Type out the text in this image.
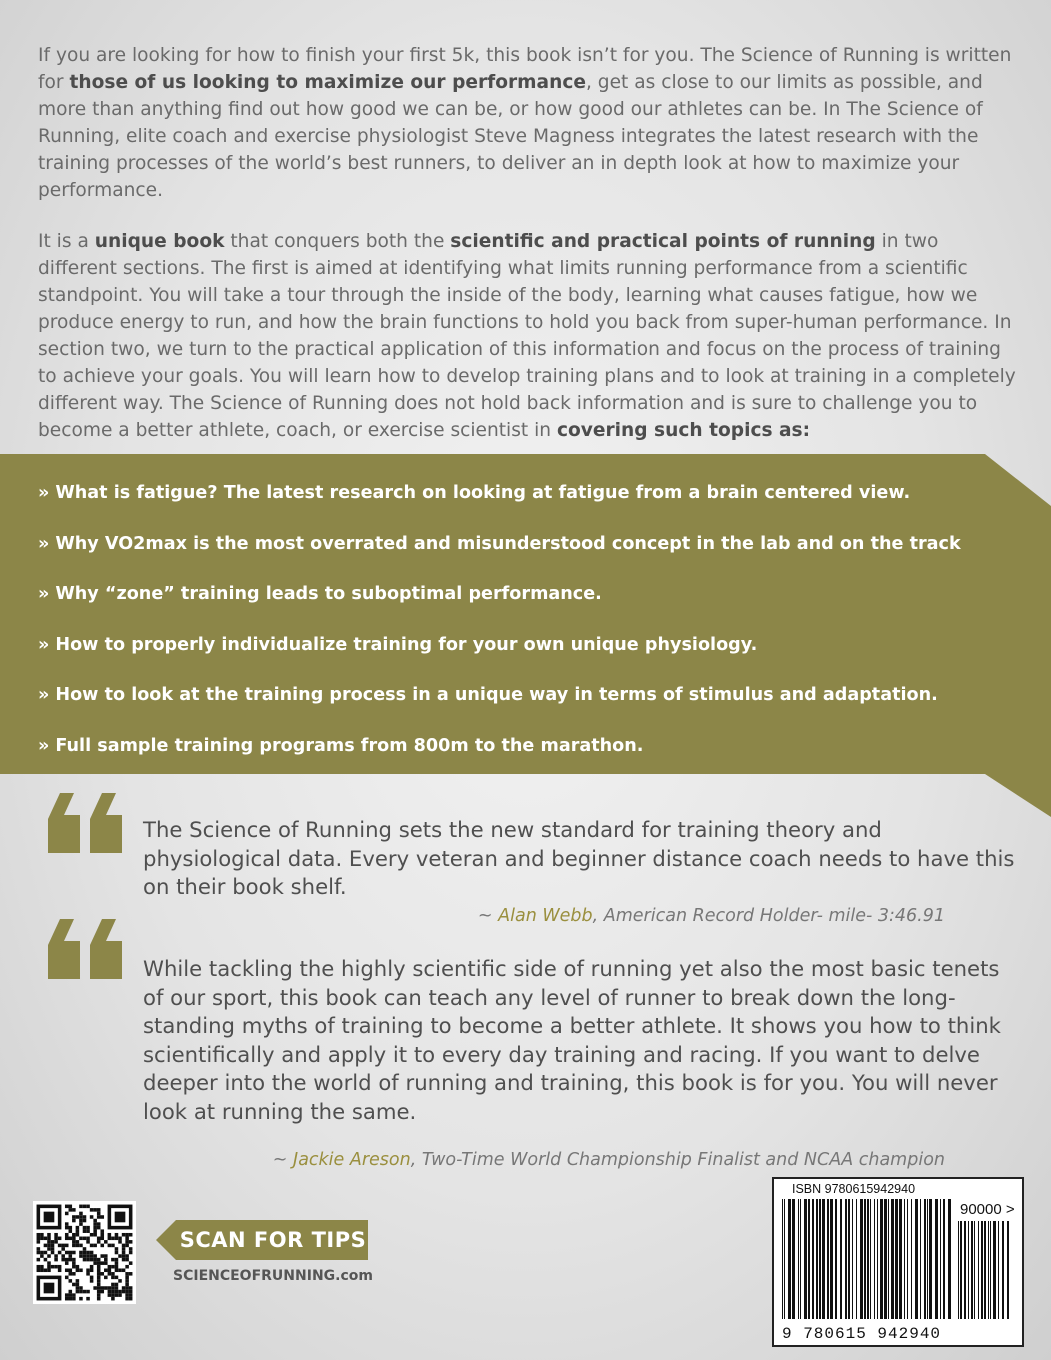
If you are looking for how to finish your first 5k, this book isn’t for you. The Science of Running is written for those of us looking to maximize our performance, get as close to our limits as possible, and more than anything find out how good we can be, or how good our athletes can be. In The Science of Running, elite coach and exercise physiologist Steve Magness integrates the latest research with the training processes of the world’s best runners, to deliver an in depth look at how to maximize your performance.

It is a unique book that conquers both the scientific and practical points of running in two different sections. The first is aimed at identifying what limits running performance from a scientific standpoint. You will take a tour through the inside of the body, learning what causes fatigue, how we produce energy to run, and how the brain functions to hold you back from super-human performance. In section two, we turn to the practical application of this information and focus on the process of training to achieve your goals. You will learn how to develop training plans and to look at training in a completely different way. The Science of Running does not hold back information and is sure to challenge you to become a better athlete, coach, or exercise scientist in covering such topics as:

» What is fatigue? The latest research on looking at fatigue from a brain centered view.
» Why VO2max is the most overrated and misunderstood concept in the lab and on the track
» Why “zone” training leads to suboptimal performance.
» How to properly individualize training for your own unique physiology.
» How to look at the training process in a unique way in terms of stimulus and adaptation.
» Full sample training programs from 800m to the marathon.

The Science of Running sets the new standard for training theory and physiological data. Every veteran and beginner distance coach needs to have this on their book shelf.

~ Alan Webb, American Record Holder- mile- 3:46.91

While tackling the highly scientific side of running yet also the most basic tenets of our sport, this book can teach any level of runner to break down the long-standing myths of training to become a better athlete. It shows you how to think scientifically and apply it to every day training and racing. If you want to delve deeper into the world of running and training, this book is for you. You will never look at running the same.

~ Jackie Areson, Two-Time World Championship Finalist and NCAA champion
SCAN FOR TIPS
SCIENCEOFRUNNING.com
ISBN 9780615942940
90000 >
9 780615 942940
